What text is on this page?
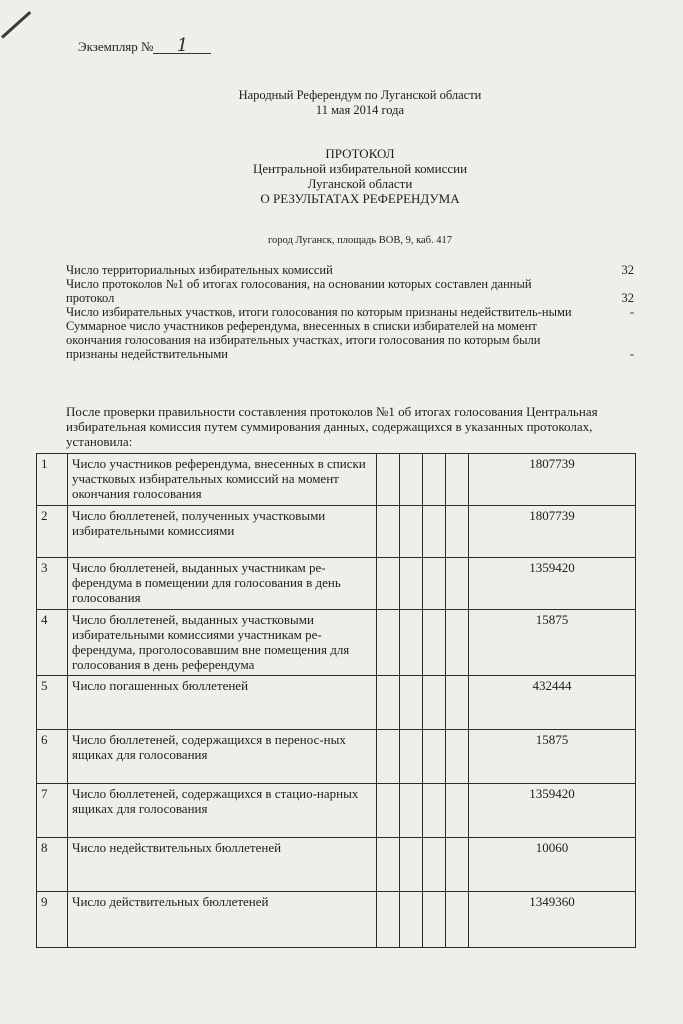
Экземпляр № 1
Народный Референдум по Луганской области
11 мая 2014 года
ПРОТОКОЛ
Центральной избирательной комиссии
Луганской области
О РЕЗУЛЬТАТАХ РЕФЕРЕНДУМА
город Луганск, площадь ВОВ, 9, каб. 417
Число территориальных избирательных комиссий	32
Число протоколов №1 об итогах голосования, на основании которых составлен данный протокол	32
Число избирательных участков, итоги голосования по которым признаны недействитель-ными	-
Суммарное число участников референдума, внесенных в списки избирателей на момент окончания голосования на избирательных участках, итоги голосования по которым были признаны недействительными	-
После проверки правильности составления протоколов №1 об итогах голосования Центральная избирательная комиссия путем суммирования данных, содержащихся в указанных протоколах, установила:
1	Число участников референдума, внесенных в списки участковых избирательных комиссий на момент окончания голосования					1807739
2	Число бюллетеней, полученных участковыми избирательными комиссиями					1807739
3	Число бюллетеней, выданных участникам ре-ферендума в помещении для голосования в день голосования					1359420
4	Число бюллетеней, выданных участковыми избирательными комиссиями участникам ре-ферендума, проголосовавшим вне помещения для голосования в день референдума					15875
5	Число погашенных бюллетеней					432444
6	Число бюллетеней, содержащихся в перенос-ных ящиках для голосования					15875
7	Число бюллетеней, содержащихся в стацио-нарных ящиках для голосования					1359420
8	Число недействительных бюллетеней					10060
9	Число действительных бюллетеней					1349360
